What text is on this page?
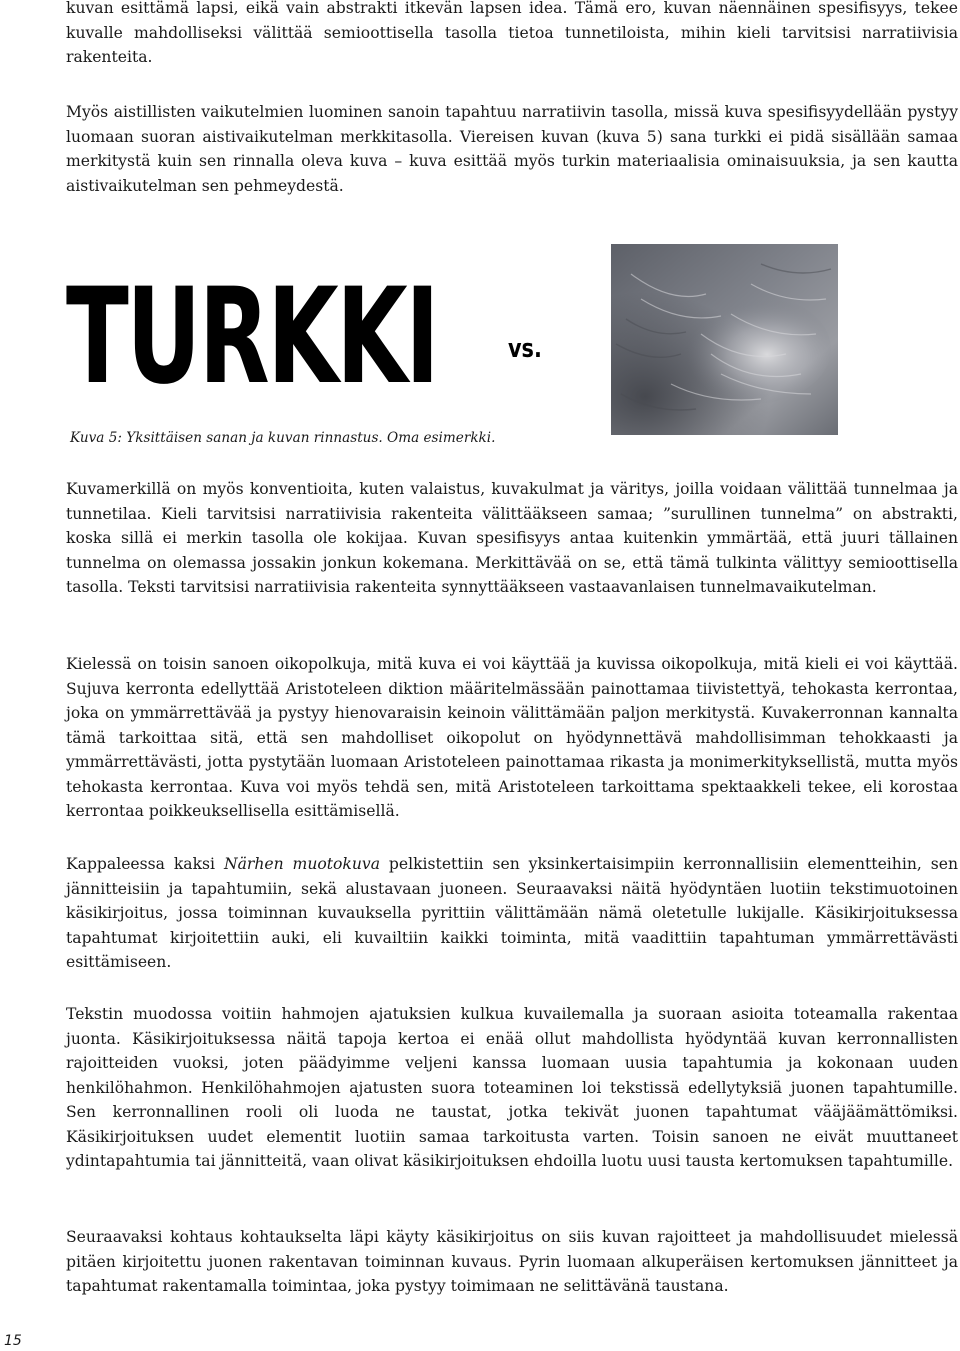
kuvan esittämä lapsi, eikä vain abstrakti itkevän lapsen idea. Tämä ero, kuvan näennäinen spesifisyys, tekee kuvalle mahdolliseksi välittää semioottisella tasolla tietoa tunnetiloista, mihin kieli tarvitsisi narratiivisia rakenteita.

Myös aistillisten vaikutelmien luominen sanoin tapahtuu narratiivin tasolla, missä kuva spesifisyydellään pystyy luomaan suoran aistivaikutelman merkkitasolla. Viereisen kuvan (kuva 5) sana turkki ei pidä sisällään samaa merkitystä kuin sen rinnalla oleva kuva – kuva esittää myös turkin materiaalisia ominaisuuksia, ja sen kautta aistivaikutelman sen pehmeydestä.

TURKKI	vs.

Kuva 5: Yksittäisen sanan ja kuvan rinnastus. Oma esimerkki.

Kuvamerkillä on myös konventioita, kuten valaistus, kuvakulmat ja väritys, joilla voidaan välittää tunnelmaa ja tunnetilaa. Kieli tarvitsisi narratiivisia rakenteita välittääkseen samaa; ”surullinen tunnelma” on abstrakti, koska sillä ei merkin tasolla ole kokijaa. Kuvan spesifisyys antaa kuitenkin ymmärtää, että juuri tällainen tunnelma on olemassa jossakin jonkun kokemana. Merkittävää on se, että tämä tulkinta välittyy semioottisella tasolla. Teksti tarvitsisi narratiivisia rakenteita synnyttääkseen vastaavanlaisen tunnelmavaikutelman.

Kielessä on toisin sanoen oikopolkuja, mitä kuva ei voi käyttää ja kuvissa oikopolkuja, mitä kieli ei voi käyttää. Sujuva kerronta edellyttää Aristoteleen diktion määritelmässään painottamaa tiivistettyä, tehokasta kerrontaa, joka on ymmärrettävää ja pystyy hienovaraisin keinoin välittämään paljon merkitystä. Kuvakerronnan kannalta tämä tarkoittaa sitä, että sen mahdolliset oikopolut on hyödynnettävä mahdollisimman tehokkaasti ja ymmärrettävästi, jotta pystytään luomaan Aristoteleen painottamaa rikasta ja monimerkityksellistä, mutta myös tehokasta kerrontaa. Kuva voi myös tehdä sen, mitä Aristoteleen tarkoittama spektaakkeli tekee, eli korostaa kerrontaa poikkeuksellisella esittämisellä.

Kappaleessa kaksi Närhen muotokuva pelkistettiin sen yksinkertaisimpiin kerronnallisiin elementteihin, sen jännitteisiin ja tapahtumiin, sekä alustavaan juoneen. Seuraavaksi näitä hyödyntäen luotiin tekstimuotoinen käsikirjoitus, jossa toiminnan kuvauksella pyrittiin välittämään nämä oletetulle lukijalle. Käsikirjoituksessa tapahtumat kirjoitettiin auki, eli kuvailtiin kaikki toiminta, mitä vaadittiin tapahtuman ymmärrettävästi esittämiseen.

Tekstin muodossa voitiin hahmojen ajatuksien kulkua kuvailemalla ja suoraan asioita toteamalla rakentaa juonta. Käsikirjoituksessa näitä tapoja kertoa ei enää ollut mahdollista hyödyntää kuvan kerronnallisten rajoitteiden vuoksi, joten päädyimme veljeni kanssa luomaan uusia tapahtumia ja kokonaan uuden henkilöhahmon. Henkilöhahmojen ajatusten suora toteaminen loi tekstissä edellytyksiä juonen tapahtumille. Sen kerronnallinen rooli oli luoda ne taustat, jotka tekivät juonen tapahtumat vääjäämättömiksi. Käsikirjoituksen uudet elementit luotiin samaa tarkoitusta varten. Toisin sanoen ne eivät muuttaneet ydintapahtumia tai jännitteitä, vaan olivat käsikirjoituksen ehdoilla luotu uusi tausta kertomuksen tapahtumille.

Seuraavaksi kohtaus kohtaukselta läpi käyty käsikirjoitus on siis kuvan rajoitteet ja mahdollisuudet mielessä pitäen kirjoitettu juonen rakentavan toiminnan kuvaus. Pyrin luomaan alkuperäisen kertomuksen jännitteet ja tapahtumat rakentamalla toimintaa, joka pystyy toimimaan ne selittävänä taustana.

15
